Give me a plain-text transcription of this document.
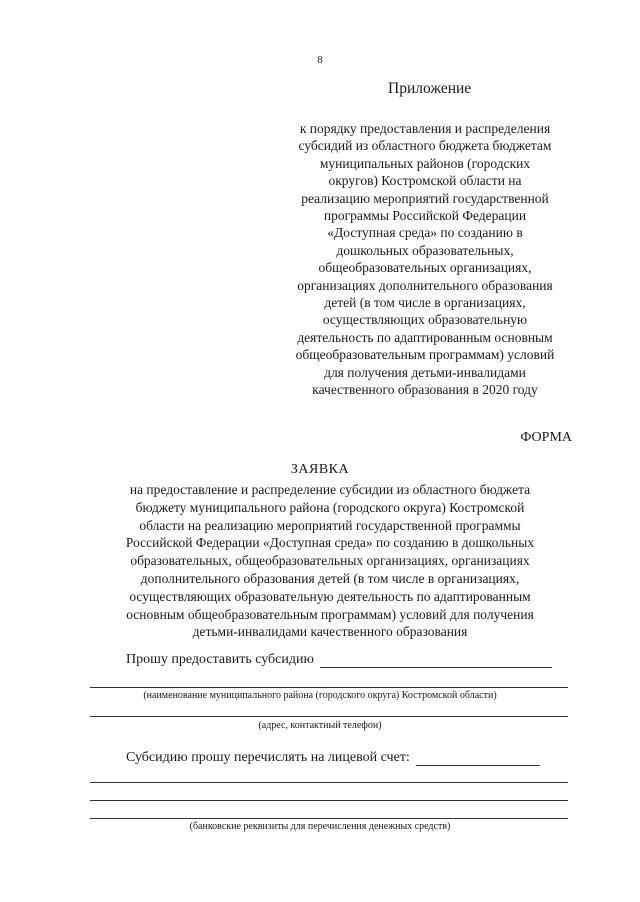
8
Приложение
к порядку предоставления и распределения
субсидий из областного бюджета бюджетам
муниципальных районов (городских
округов) Костромской области на
реализацию мероприятий государственной
программы Российской Федерации
«Доступная среда» по созданию в
дошкольных образовательных,
общеобразовательных организациях,
организациях дополнительного образования
детей (в том числе в организациях,
осуществляющих образовательную
деятельность по адаптированным основным
общеобразовательным программам) условий
для получения детьми-инвалидами
качественного образования в 2020 году
ФОРМА
ЗАЯВКА
на предоставление и распределение субсидии из областного бюджета
бюджету муниципального района (городского округа) Костромской
области на реализацию мероприятий государственной программы
Российской Федерации «Доступная среда» по созданию в дошкольных
образовательных, общеобразовательных организациях, организациях
дополнительного образования детей (в том числе в организациях,
осуществляющих образовательную деятельность по адаптированным
основным общеобразовательным программам) условий для получения
детьми-инвалидами качественного образования
Прошу предоставить субсидию
(наименование муниципального района (городского округа) Костромской области)
(адрес, контактный телефон)
Субсидию прошу перечислять на лицевой счет:
(банковские реквизиты для перечисления денежных средств)
